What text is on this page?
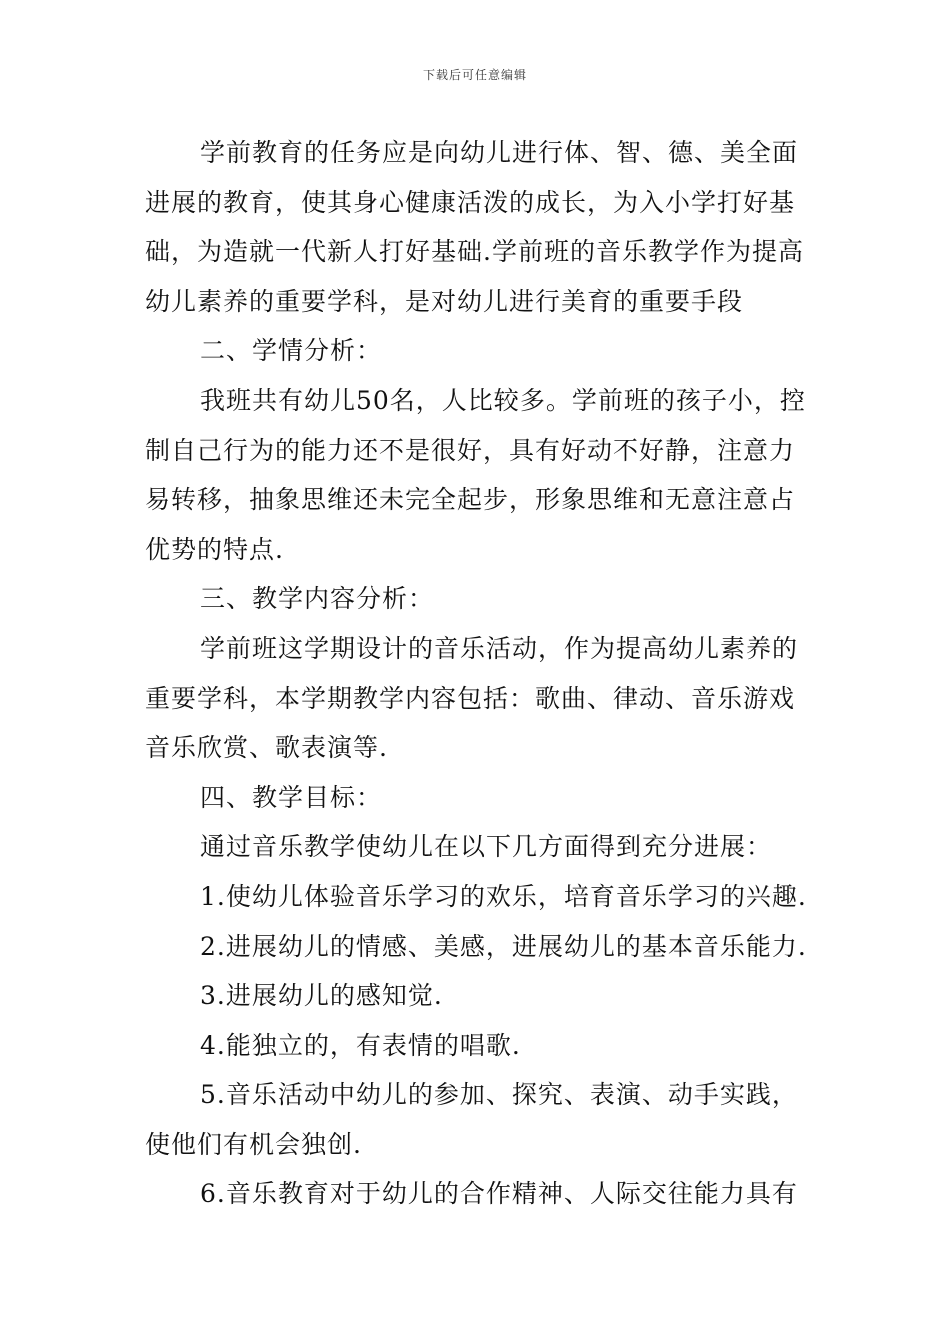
下载后可任意编辑

学前教育的任务应是向幼儿进行体、智、德、美全面进展的教育，使其身心健康活泼的成长，为入小学打好基础，为造就一代新人打好基础.学前班的音乐教学作为提高幼儿素养的重要学科，是对幼儿进行美育的重要手段

二、学情分析：

我班共有幼儿50名，人比较多。学前班的孩子小，控制自己行为的能力还不是很好，具有好动不好静，注意力易转移，抽象思维还未完全起步，形象思维和无意注意占优势的特点.

三、教学内容分析：

学前班这学期设计的音乐活动，作为提高幼儿素养的重要学科，本学期教学内容包括：歌曲、律动、音乐游戏音乐欣赏、歌表演等.

四、教学目标：

通过音乐教学使幼儿在以下几方面得到充分进展：

1.使幼儿体验音乐学习的欢乐，培育音乐学习的兴趣.

2.进展幼儿的情感、美感，进展幼儿的基本音乐能力.

3.进展幼儿的感知觉.

4.能独立的，有表情的唱歌.

5.音乐活动中幼儿的参加、探究、表演、动手实践，使他们有机会独创.

6.音乐教育对于幼儿的合作精神、人际交往能力具有
